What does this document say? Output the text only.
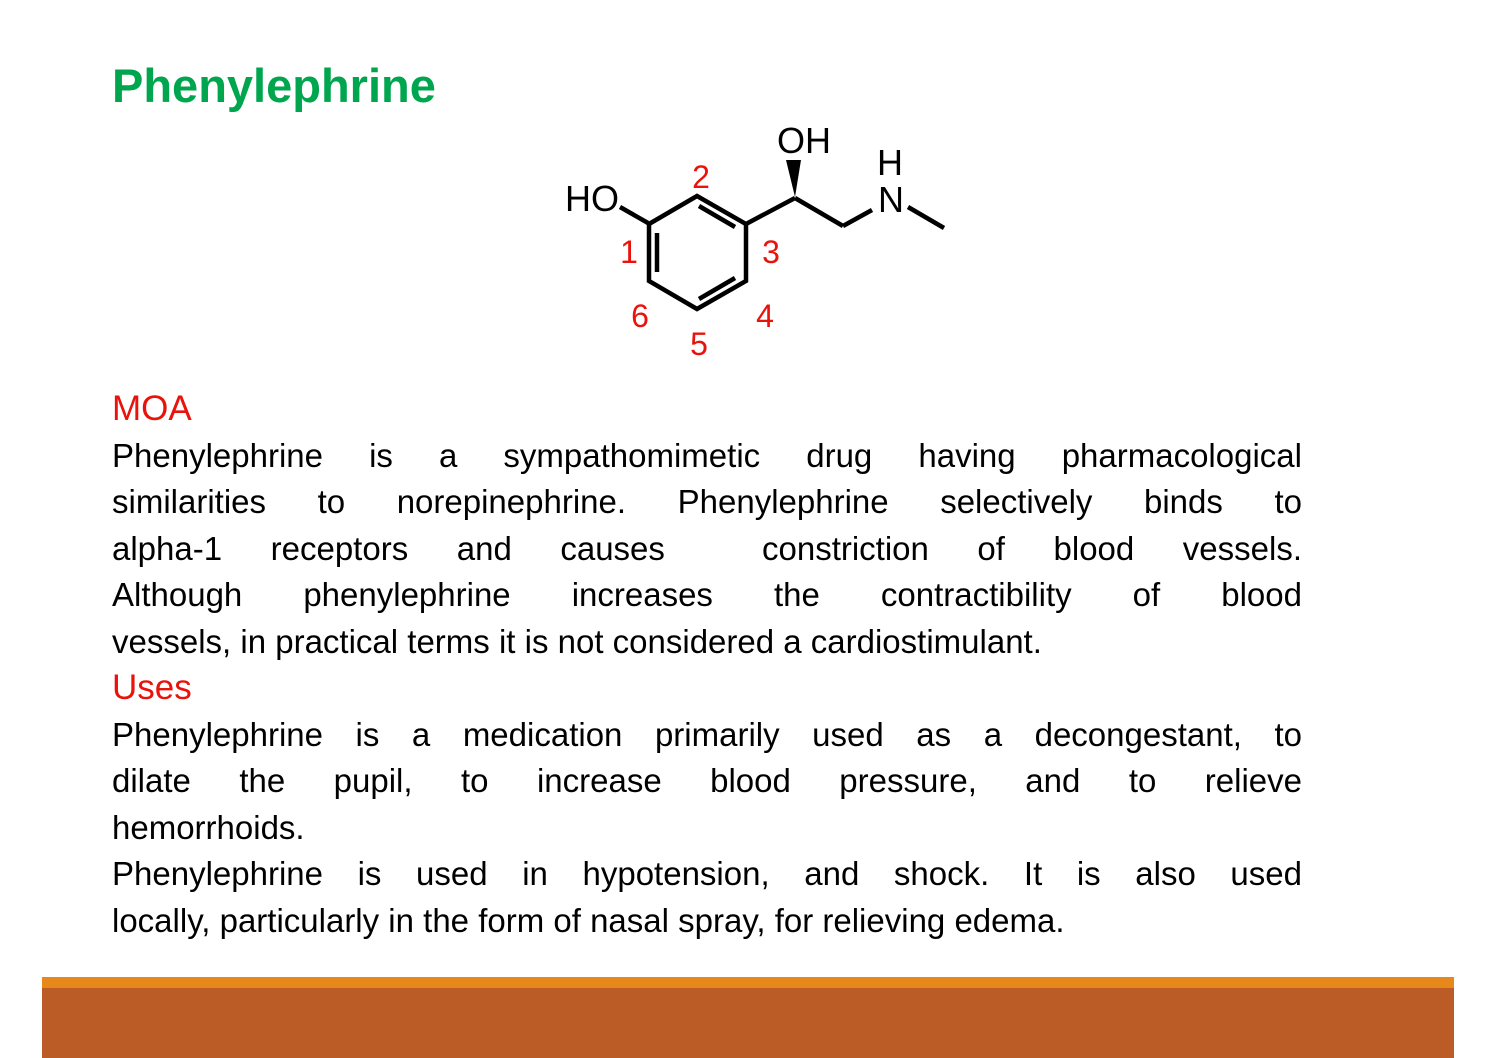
Phenylephrine
HO
OH
H
N
2
1	3
6	4
5
MOA
Phenylephrine is a sympathomimetic drug having pharmacological
similarities to norepinephrine. Phenylephrine selectively binds to
alpha-1 receptors and causes  constriction of blood vessels.
Although phenylephrine increases the contractibility of blood
vessels, in practical terms it is not considered a cardiostimulant.
Uses
Phenylephrine is a medication primarily used as a decongestant, to
dilate the pupil, to increase blood pressure, and to relieve
hemorrhoids.
Phenylephrine is used in hypotension, and shock. It is also used
locally, particularly in the form of nasal spray, for relieving edema.
